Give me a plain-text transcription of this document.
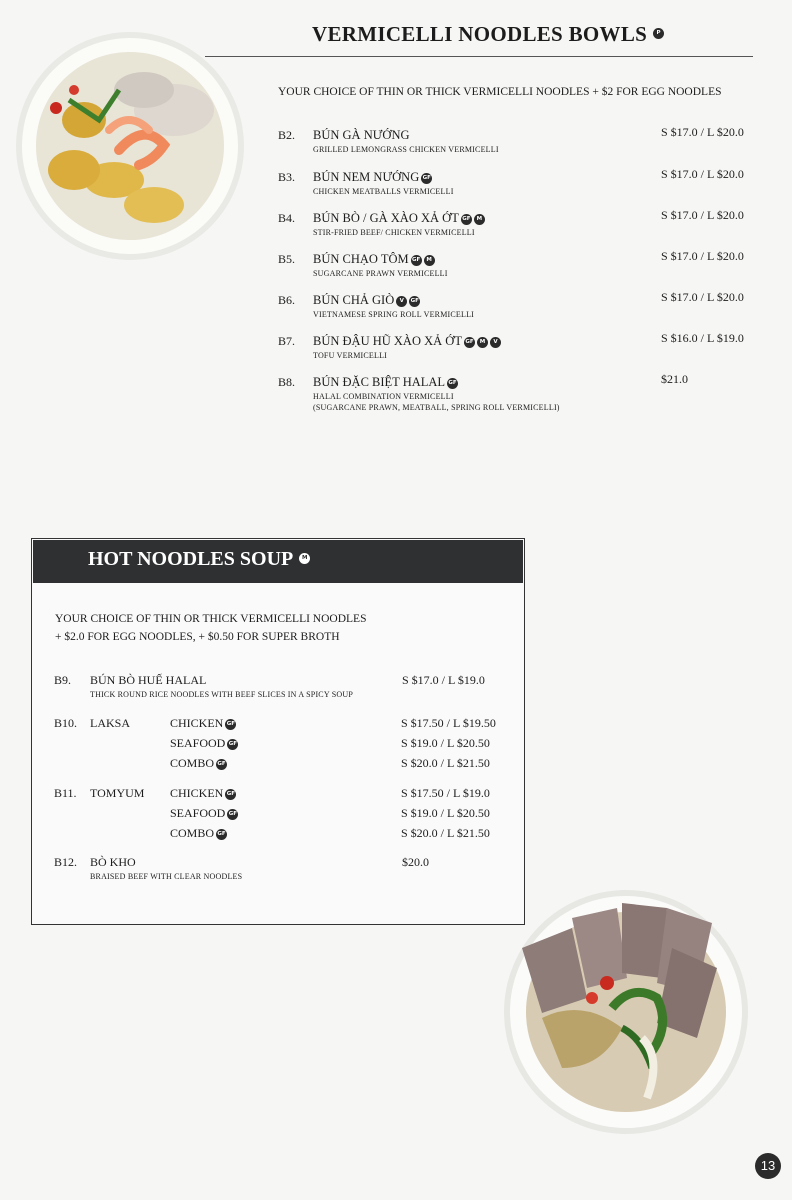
VERMICELLI NOODLES BOWLS P
YOUR CHOICE OF THIN OR THICK VERMICELLI NOODLES + $2 FOR EGG NOODLES
B2. BÚN GÀ NƯỚNG
GRILLED LEMONGRASS CHICKEN VERMICELLI
S $17.0 / L $20.0
B3. BÚN NEM NƯỚNG GF
CHICKEN MEATBALLS VERMICELLI
S $17.0 / L $20.0
B4. BÚN BÒ / GÀ XÀO XẢ ỚT GF M
STIR-FRIED BEEF/ CHICKEN VERMICELLI
S $17.0 / L $20.0
B5. BÚN CHẠO TÔM GF M
SUGARCANE PRAWN VERMICELLI
S $17.0 / L $20.0
B6. BÚN CHẢ GIÒ V GF
VIETNAMESE SPRING ROLL VERMICELLI
S $17.0 / L $20.0
B7. BÚN ĐẬU HŨ XÀO XẢ ỚT GF M V
TOFU VERMICELLI
S $16.0 / L $19.0
B8. BÚN ĐẶC BIỆT HALAL GF
HALAL COMBINATION VERMICELLI
(SUGARCANE PRAWN, MEATBALL, SPRING ROLL VERMICELLI)
$21.0
HOT NOODLES SOUP M
YOUR CHOICE OF THIN OR THICK VERMICELLI NOODLES
+ $2.0 FOR EGG NOODLES, + $0.50 FOR SUPER BROTH
B9. BÚN BÒ HUẾ HALAL
THICK ROUND RICE NOODLES WITH BEEF SLICES IN A SPICY SOUP
S $17.0 / L $19.0
B10. LAKSA	CHICKEN GF	S $17.50 / L $19.50
SEAFOOD GF	S $19.0 / L $20.50
COMBO GF	S $20.0 / L $21.50
B11. TOMYUM CHICKEN GF	S $17.50 / L $19.0
SEAFOOD GF	S $19.0 / L $20.50
COMBO GF	S $20.0 / L $21.50
B12. BÒ KHO
BRAISED BEEF WITH CLEAR NOODLES
$20.0
13
